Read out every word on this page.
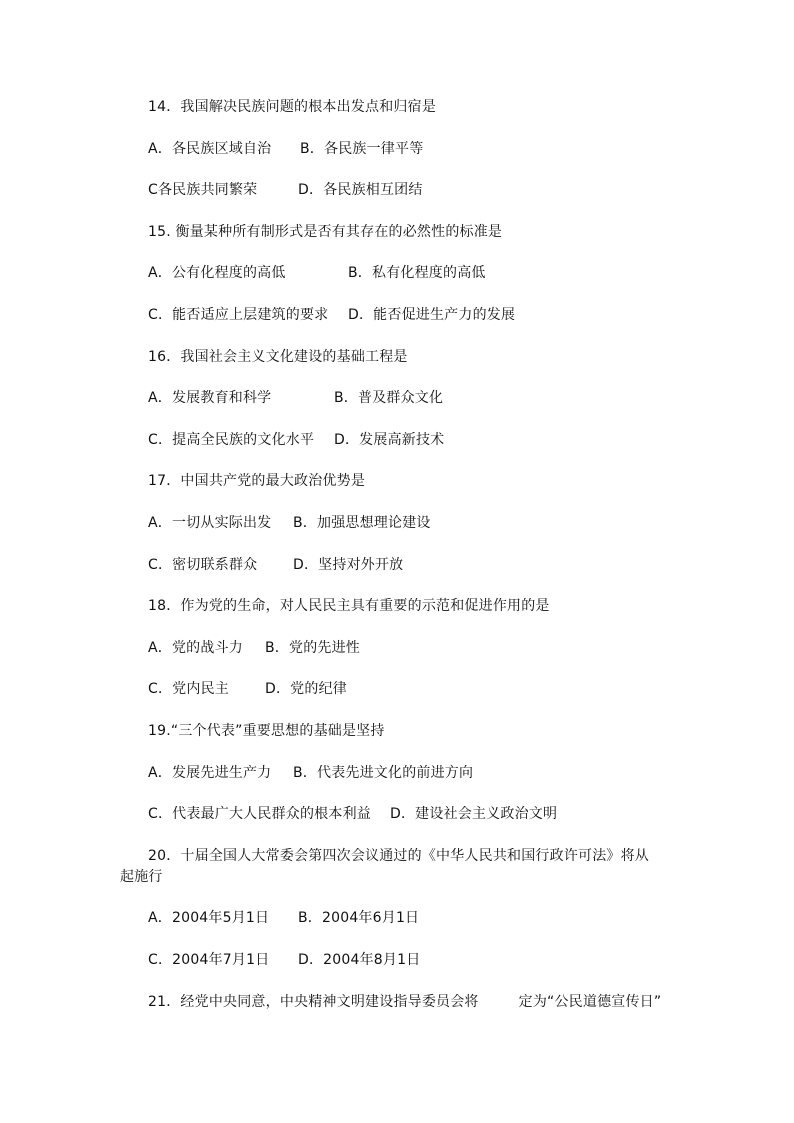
14．我国解决民族问题的根本出发点和归宿是
A．各民族区域自治 B．各民族一律平等
C各民族共同繁荣	D．各民族相互团结
15. 衡量某种所有制形式是否有其存在的必然性的标准是
A．公有化程度的高低	B．私有化程度的高低
C．能否适应上层建筑的要求 D．能否促进生产力的发展
16．我国社会主义文化建设的基础工程是
A．发展教育和科学	B．普及群众文化
C．提高全民族的文化水平 D．发展高新技术
17．中国共产党的最大政治优势是
A．一切从实际出发 B．加强思想理论建设
C．密切联系群众	D．坚持对外开放
18．作为党的生命，对人民民主具有重要的示范和促进作用的是
A．党的战斗力 B．党的先进性
C．党内民主	D．党的纪律
19.“三个代表”重要思想的基础是坚持
A．发展先进生产力 B．代表先进文化的前进方向
C．代表最广大人民群众的根本利益 D．建设社会主义政治文明
20．十届全国人大常委会第四次会议通过的《中华人民共和国行政许可法》将从
起施行
A．2004年5月1日 B．2004年6月1日
C．2004年7月1日 D．2004年8月1日
21．经党中央同意，中央精神文明建设指导委员会将	定为“公民道德宣传日”
